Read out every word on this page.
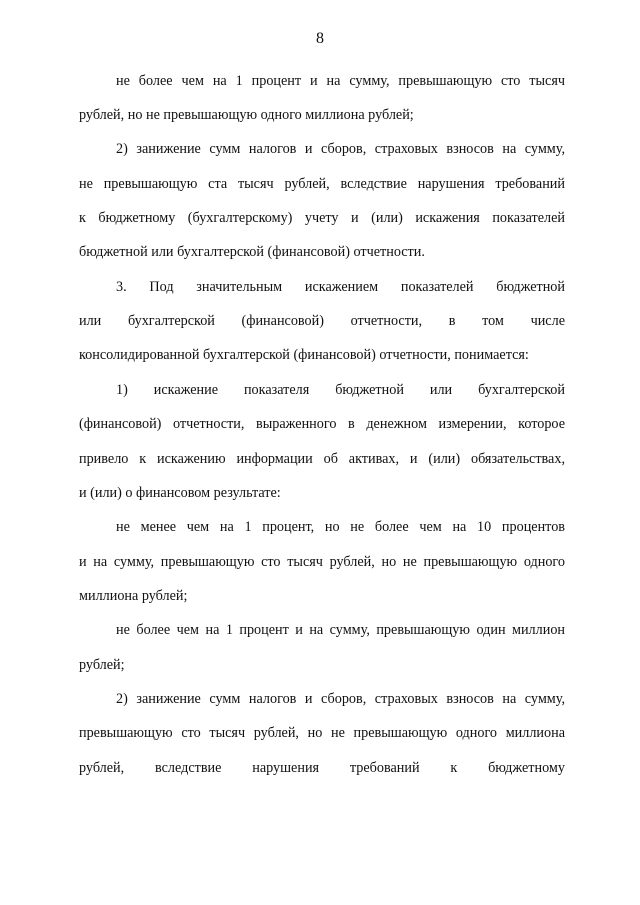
8
не более чем на 1 процент и на сумму, превышающую сто тысяч
рублей, но не превышающую одного миллиона рублей;
2) занижение сумм налогов и сборов, страховых взносов на сумму,
не превышающую ста тысяч рублей, вследствие нарушения требований
к бюджетному (бухгалтерскому) учету и (или) искажения показателей
бюджетной или бухгалтерской (финансовой) отчетности.
3. Под значительным искажением показателей бюджетной
или бухгалтерской (финансовой) отчетности, в том числе
консолидированной бухгалтерской (финансовой) отчетности, понимается:
1) искажение показателя бюджетной или бухгалтерской
(финансовой) отчетности, выраженного в денежном измерении, которое
привело к искажению информации об активах, и (или) обязательствах,
и (или) о финансовом результате:
не менее чем на 1 процент, но не более чем на 10 процентов
и на сумму, превышающую сто тысяч рублей, но не превышающую одного
миллиона рублей;
не более чем на 1 процент и на сумму, превышающую один миллион
рублей;
2) занижение сумм налогов и сборов, страховых взносов на сумму,
превышающую сто тысяч рублей, но не превышающую одного миллиона
рублей, вследствие нарушения требований к бюджетному
